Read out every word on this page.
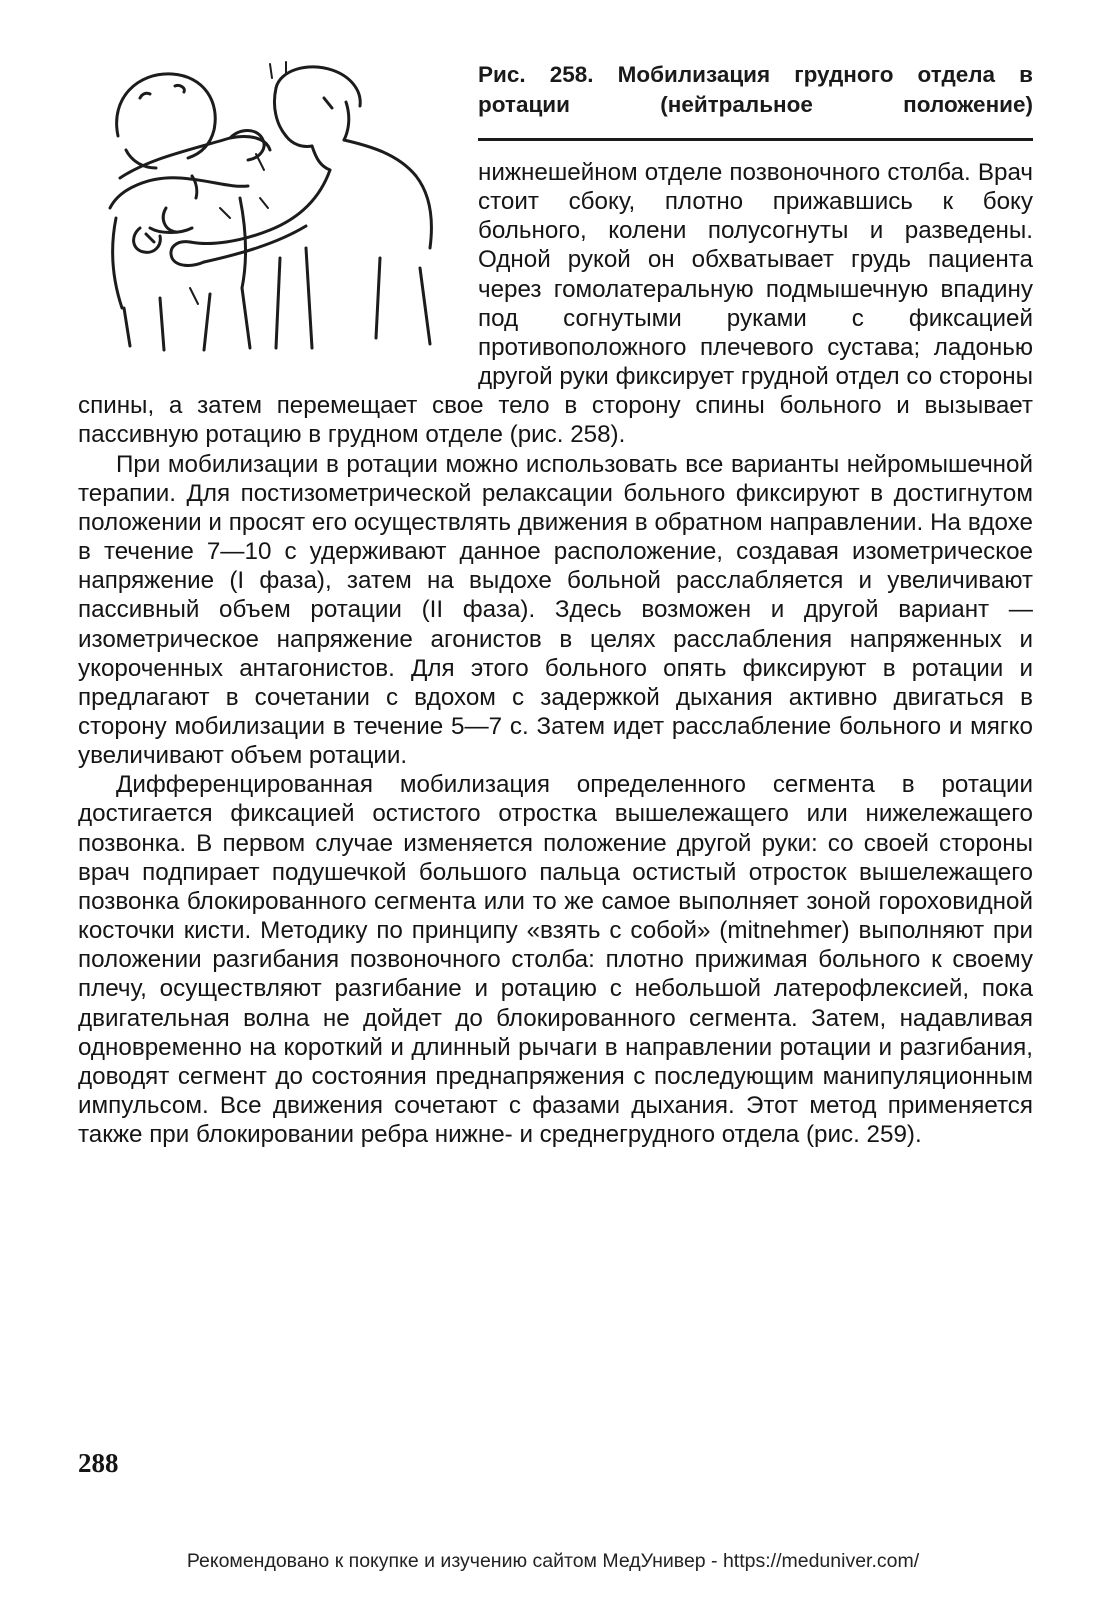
Рис. 258. Мобилизация грудного отдела в ротации (нейтральное положение)

нижнешейном отделе позвоночного столба. Врач стоит сбоку, плотно прижавшись к боку больного, колени полусогнуты и разведены. Одной рукой он обхватывает грудь пациента через гомолатеральную подмышечную впадину под согнутыми руками с фиксацией противоположного плечевого сустава; ладонью другой руки фиксирует грудной отдел со стороны спины, а затем перемещает свое тело в сторону спины больного и вызывает пассивную ротацию в грудном отделе (рис. 258).

При мобилизации в ротации можно использовать все варианты нейромышечной терапии. Для постизометрической релаксации больного фиксируют в достигнутом положении и просят его осуществлять движения в обратном направлении. На вдохе в течение 7—10 с удерживают данное расположение, создавая изометрическое напряжение (I фаза), затем на выдохе больной расслабляется и увеличивают пассивный объем ротации (II фаза). Здесь возможен и другой вариант — изометрическое напряжение агонистов в целях расслабления напряженных и укороченных антагонистов. Для этого больного опять фиксируют в ротации и предлагают в сочетании с вдохом с задержкой дыхания активно двигаться в сторону мобилизации в течение 5—7 с. Затем идет расслабление больного и мягко увеличивают объем ротации.

Дифференцированная мобилизация определенного сегмента в ротации достигается фиксацией остистого отростка вышележащего или нижележащего позвонка. В первом случае изменяется положение другой руки: со своей стороны врач подпирает подушечкой большого пальца остистый отросток вышележащего позвонка блокированного сегмента или то же самое выполняет зоной гороховидной косточки кисти. Методику по принципу «взять с собой» (mitnehmer) выполняют при положении разгибания позвоночного столба: плотно прижимая больного к своему плечу, осуществляют разгибание и ротацию с небольшой латерофлексией, пока двигательная волна не дойдет до блокированного сегмента. Затем, надавливая одновременно на короткий и длинный рычаги в направлении ротации и разгибания, доводят сегмент до состояния преднапряжения с последующим манипуляционным импульсом. Все движения сочетают с фазами дыхания. Этот метод применяется также при блокировании ребра нижне- и среднегрудного отдела (рис. 259).

288
Рекомендовано к покупке и изучению сайтом МедУнивер - https://meduniver.com/
